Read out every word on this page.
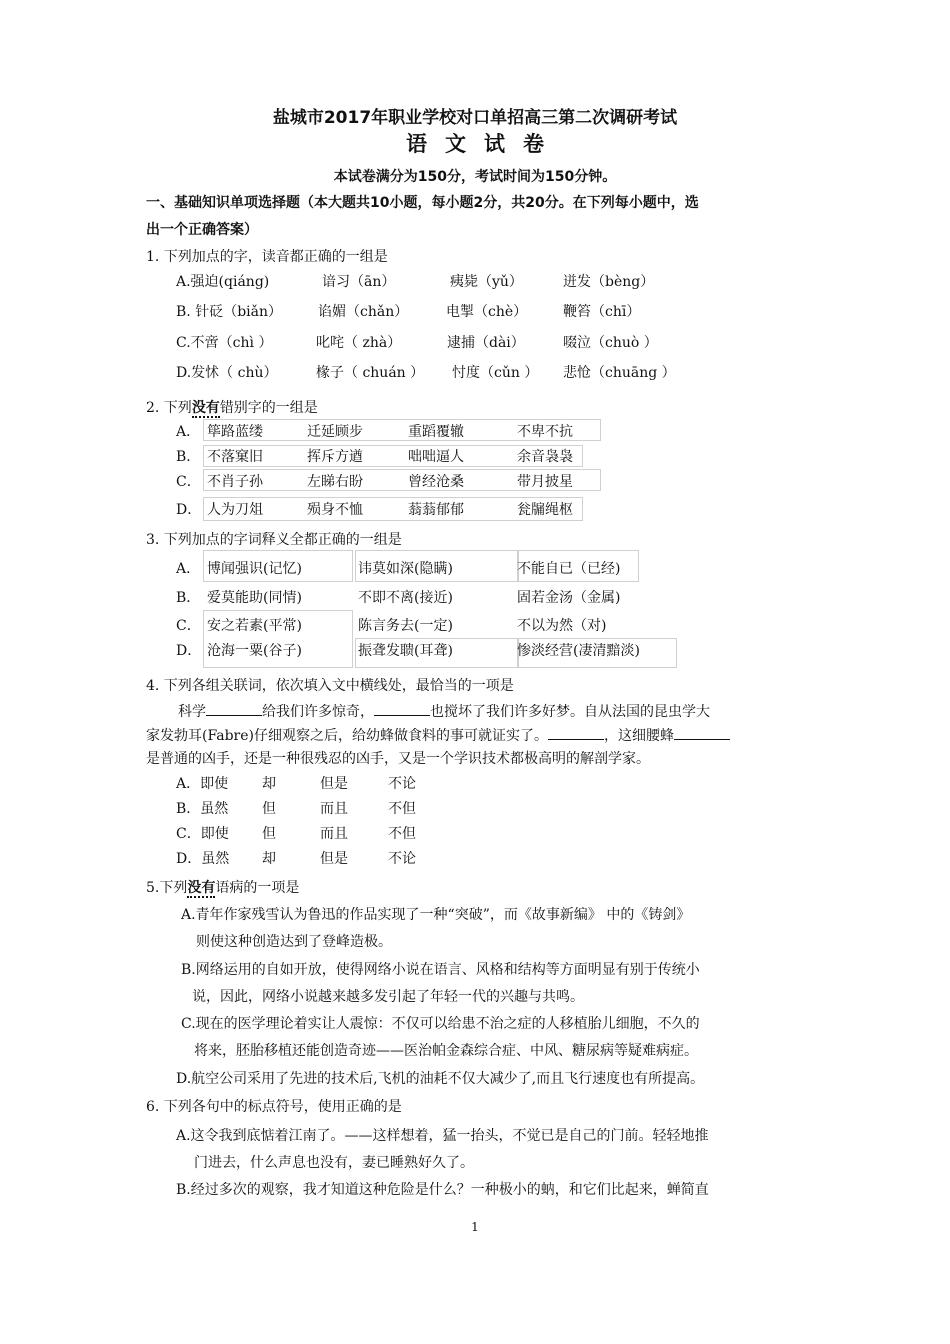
盐城市2017年职业学校对口单招高三第二次调研考试
语文试卷
本试卷满分为150分，考试时间为150分钟。
一、基础知识单项选择题（本大题共10小题，每小题2分，共20分。在下列每小题中，选
出一个正确答案）
1. 下列加点的字，读音都正确的一组是
A.强迫(qiáng)	谙习（ān）	痍毙（yǔ）	迸发（bèng）
B. 针砭（biǎn）	谄媚（chǎn）	电掣（chè）	鞭笞（chī）
C.不啻（chì ）	叱咤（ zhà）	逮捕（dài）	啜泣（chuò ）
D.发怵（ chù）	椽子（ chuán ） 忖度（cǔn ） 悲怆（chuāng ）
2. 下列没有错别字的一组是
A． 筚路蓝缕	迁延顾步	重蹈覆辙	不卑不抗
B． 不落窠旧	挥斥方遒	咄咄逼人	余音袅袅
C． 不肖子孙	左睇右盼	曾经沧桑	带月披星
D． 人为刀俎	殒身不恤	蓊蓊郁郁	瓮牖绳枢
3. 下列加点的字词释义全都正确的一组是
A． 博闻强识(记忆)	讳莫如深(隐瞒)	不能自已（已经)
B． 爱莫能助(同情)	不即不离(接近)	固若金汤（金属)
C． 安之若素(平常)	陈言务去(一定)	不以为然（对)
D． 沧海一粟(谷子)	振聋发聩(耳聋)	惨淡经营(凄清黯淡)
4. 下列各组关联词，依次填入文中横线处，最恰当的一项是
科学	给我们许多惊奇，	也搅坏了我们许多好梦。自从法国的昆虫学大
家发勃耳(Fabre)仔细观察之后，给幼蜂做食料的事可就证实了。	，这细腰蜂
是普通的凶手，还是一种很残忍的凶手，又是一个学识技术都极高明的解剖学家。
A．即使 却	但是	不论
B．虽然 但	而且	不但
C．即使 但	而且	不但
D．虽然 却	但是	不论
5.下列没有语病的一项是
A.青年作家残雪认为鲁迅的作品实现了一种“突破”，而《故事新编》 中的《铸剑》
则使这种创造达到了登峰造极。
B.网络运用的自如开放，使得网络小说在语言、风格和结构等方面明显有别于传统小
说，因此，网络小说越来越多发引起了年轻一代的兴趣与共鸣。
C.现在的医学理论着实让人震惊：不仅可以给患不治之症的人移植胎儿细胞，不久的
将来，胚胎移植还能创造奇迹——医治帕金森综合症、中风、糖尿病等疑难病症。
D.航空公司采用了先进的技术后,飞机的油耗不仅大减少了,而且飞行速度也有所提高。
6. 下列各句中的标点符号，使用正确的是
A.这令我到底惦着江南了。——这样想着，猛一抬头，不觉已是自己的门前。轻轻地推
门进去，什么声息也没有，妻已睡熟好久了。
B.经过多次的观察，我才知道这种危险是什么？一种极小的蚋，和它们比起来，蝉简直
1
